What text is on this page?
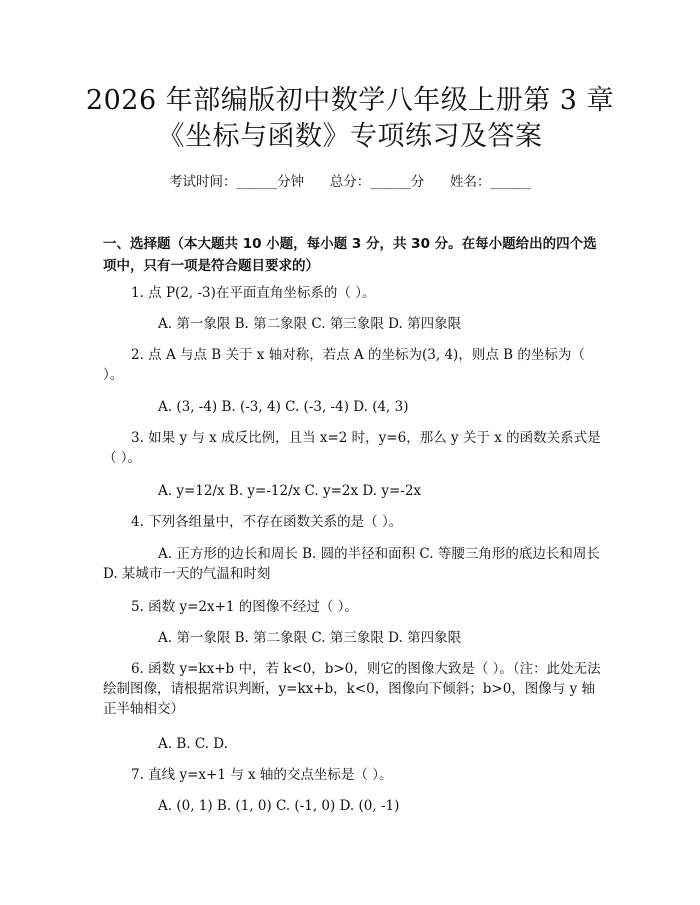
2026 年部编版初中数学八年级上册第 3 章
《坐标与函数》专项练习及答案
考试时间：______分钟      总分：______分      姓名：______
一、选择题（本大题共 10 小题，每小题 3 分，共 30 分。在每小题给出的四个选项中，只有一项是符合题目要求的）
1. 点 P(2, -3)在平面直角坐标系的（ ）。
A. 第一象限 B. 第二象限 C. 第三象限 D. 第四象限
2. 点 A 与点 B 关于 x 轴对称，若点 A 的坐标为(3, 4)，则点 B 的坐标为（ ）。
A. (3, -4) B. (-3, 4) C. (-3, -4) D. (4, 3)
3. 如果 y 与 x 成反比例，且当 x=2 时，y=6，那么 y 关于 x 的函数关系式是（ ）。
A. y=12/x B. y=-12/x C. y=2x D. y=-2x
4. 下列各组量中，不存在函数关系的是（ ）。
A. 正方形的边长和周长 B. 圆的半径和面积 C. 等腰三角形的底边长和周长 D. 某城市一天的气温和时刻
5. 函数 y=2x+1 的图像不经过（ ）。
A. 第一象限 B. 第二象限 C. 第三象限 D. 第四象限
6. 函数 y=kx+b 中，若 k<0，b>0，则它的图像大致是（ ）。（注：此处无法绘制图像，请根据常识判断，y=kx+b，k<0，图像向下倾斜；b>0，图像与 y 轴正半轴相交）
A. B. C. D.
7. 直线 y=x+1 与 x 轴的交点坐标是（ ）。
A. (0, 1) B. (1, 0) C. (-1, 0) D. (0, -1)
